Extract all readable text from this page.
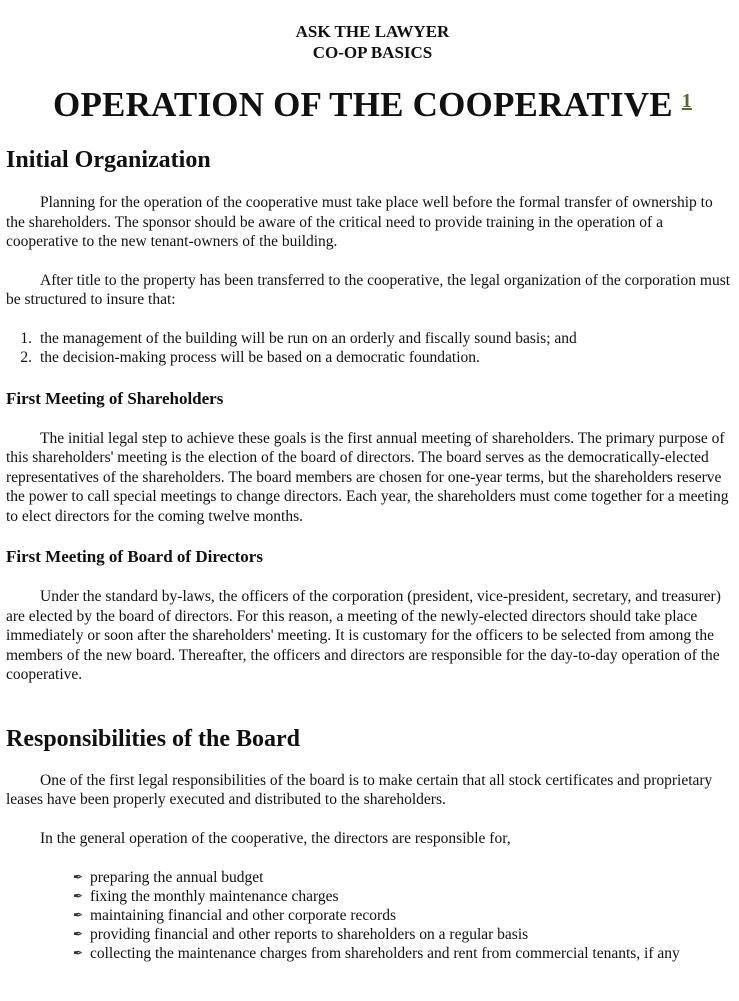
ASK THE LAWYER
CO-OP BASICS
OPERATION OF THE COOPERATIVE $^1$
Initial Organization

Planning for the operation of the cooperative must take place well before the formal transfer of ownership to the shareholders. The sponsor should be aware of the critical need to provide training in the operation of a cooperative to the new tenant-owners of the building.

After title to the property has been transferred to the cooperative, the legal organization of the corporation must be structured to insure that:

1. the management of the building will be run on an orderly and fiscally sound basis; and
2. the decision-making process will be based on a democratic foundation.
First Meeting of Shareholders

The initial legal step to achieve these goals is the first annual meeting of shareholders. The primary purpose of this shareholders' meeting is the election of the board of directors. The board serves as the democratically-elected representatives of the shareholders. The board members are chosen for one-year terms, but the shareholders reserve the power to call special meetings to change directors. Each year, the shareholders must come together for a meeting to elect directors for the coming twelve months.

First Meeting of Board of Directors

Under the standard by-laws, the officers of the corporation (president, vice-president, secretary, and treasurer) are elected by the board of directors. For this reason, a meeting of the newly-elected directors should take place immediately or soon after the shareholders' meeting. It is customary for the officers to be selected from among the members of the new board. Thereafter, the officers and directors are responsible for the day-to-day operation of the cooperative.

Responsibilities of the Board

One of the first legal responsibilities of the board is to make certain that all stock certificates and proprietary leases have been properly executed and distributed to the shareholders.

In the general operation of the cooperative, the directors are responsible for,

✒ preparing the annual budget
✒ fixing the monthly maintenance charges
✒ maintaining financial and other corporate records
✒ providing financial and other reports to shareholders on a regular basis
✒ collecting the maintenance charges from shareholders and rent from commercial tenants, if any
